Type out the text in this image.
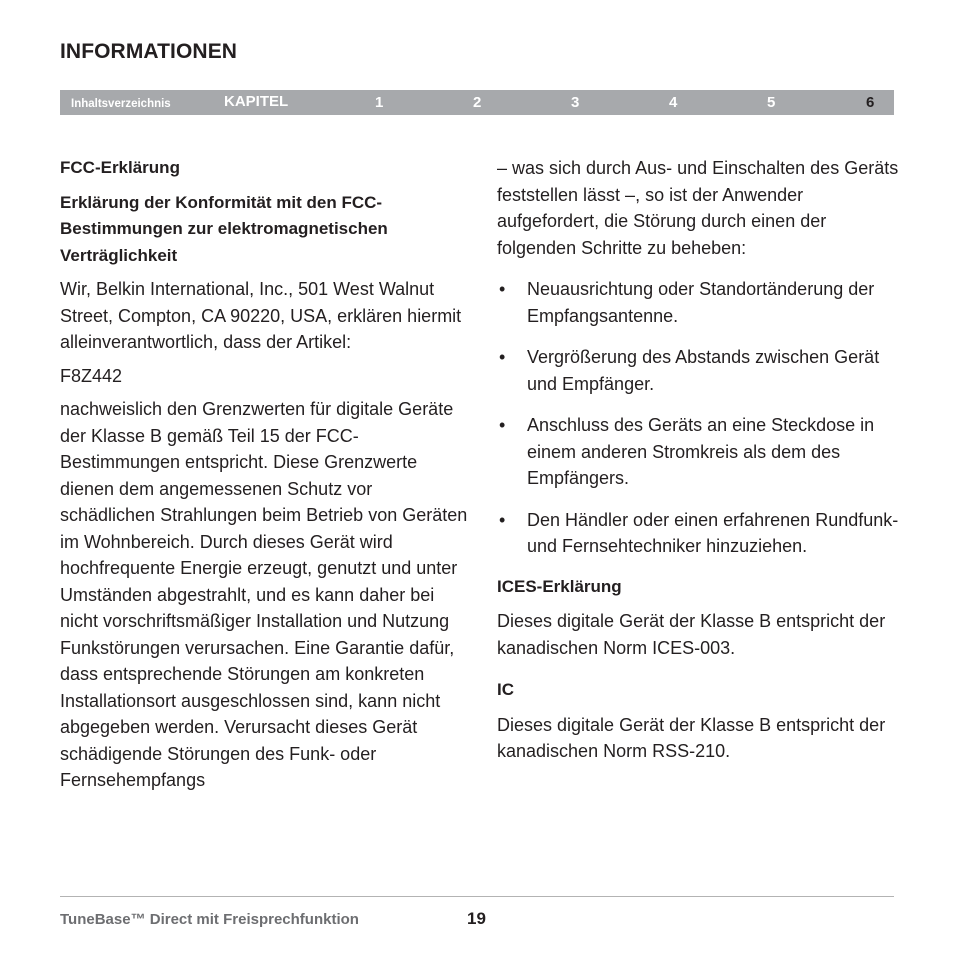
INFORMATIONEN
Inhaltsverzeichnis	KAPITEL	1	2	3	4	5	6

FCC-Erklärung

Erklärung der Konformität mit den FCC-Bestimmungen zur elektromagnetischen Verträglichkeit

Wir, Belkin International, Inc., 501 West Walnut Street, Compton, CA 90220, USA, erklären hiermit alleinverantwortlich, dass der Artikel:

F8Z442

nachweislich den Grenzwerten für digitale Geräte der Klasse B gemäß Teil 15 der FCC-Bestimmungen entspricht. Diese Grenzwerte dienen dem angemessenen Schutz vor schädlichen Strahlungen beim Betrieb von Geräten im Wohnbereich. Durch dieses Gerät wird hochfrequente Energie erzeugt, genutzt und unter Umständen abgestrahlt, und es kann daher bei nicht vorschriftsmäßiger Installation und Nutzung Funkstörungen verursachen. Eine Garantie dafür, dass entsprechende Störungen am konkreten Installationsort ausgeschlossen sind, kann nicht abgegeben werden. Verursacht dieses Gerät schädigende Störungen des Funk- oder Fernsehempfangs

– was sich durch Aus- und Einschalten des Geräts feststellen lässt –, so ist der Anwender aufgefordert, die Störung durch einen der folgenden Schritte zu beheben:

• Neuausrichtung oder Standortänderung der Empfangsantenne.
• Vergrößerung des Abstands zwischen Gerät und Empfänger.
• Anschluss des Geräts an eine Steckdose in einem anderen Stromkreis als dem des Empfängers.
• Den Händler oder einen erfahrenen Rundfunk- und Fernsehtechniker hinzuziehen.

ICES-Erklärung

Dieses digitale Gerät der Klasse B entspricht der kanadischen Norm ICES-003.

IC

Dieses digitale Gerät der Klasse B entspricht der kanadischen Norm RSS-210.

TuneBase™ Direct mit Freisprechfunktion	19
